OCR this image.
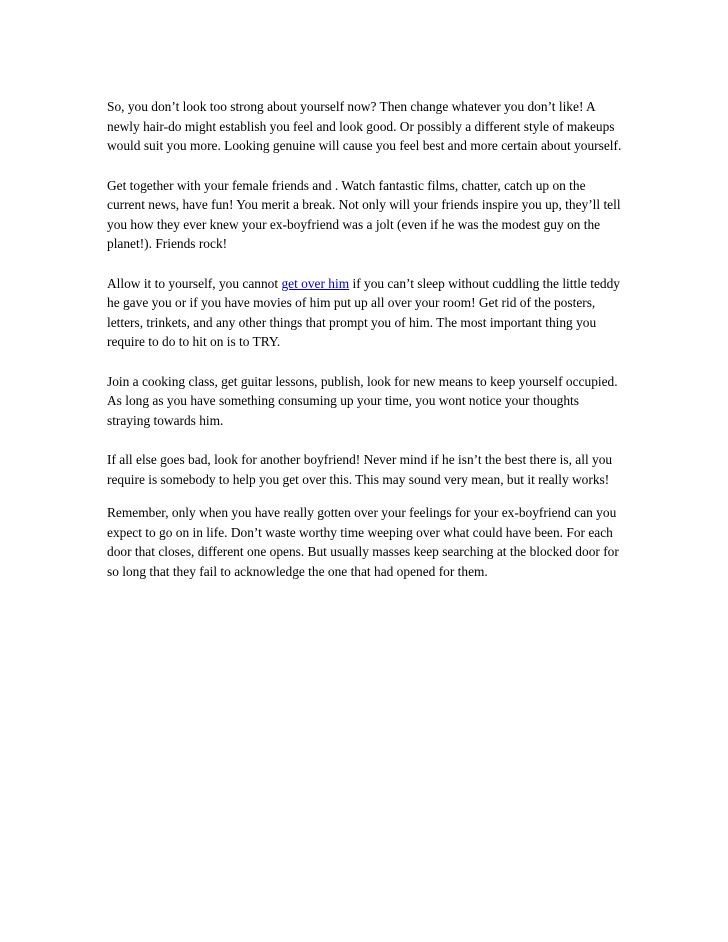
So, you don’t look too strong about yourself now? Then change whatever you don’t like! A newly hair-do might establish you feel and look good. Or possibly a different style of makeups would suit you more. Looking genuine will cause you feel best and more certain about yourself.

Get together with your female friends and . Watch fantastic films, chatter, catch up on the current news, have fun! You merit a break. Not only will your friends inspire you up, they’ll tell you how they ever knew your ex-boyfriend was a jolt (even if he was the modest guy on the planet!). Friends rock!

Allow it to yourself, you cannot get over him if you can’t sleep without cuddling the little teddy he gave you or if you have movies of him put up all over your room! Get rid of the posters, letters, trinkets, and any other things that prompt you of him. The most important thing you require to do to hit on is to TRY.

Join a cooking class, get guitar lessons, publish, look for new means to keep yourself occupied. As long as you have something consuming up your time, you wont notice your thoughts straying towards him.

If all else goes bad, look for another boyfriend! Never mind if he isn’t the best there is, all you require is somebody to help you get over this. This may sound very mean, but it really works!

Remember, only when you have really gotten over your feelings for your ex-boyfriend can you expect to go on in life. Don’t waste worthy time weeping over what could have been. For each door that closes, different one opens. But usually masses keep searching at the blocked door for so long that they fail to acknowledge the one that had opened for them.
